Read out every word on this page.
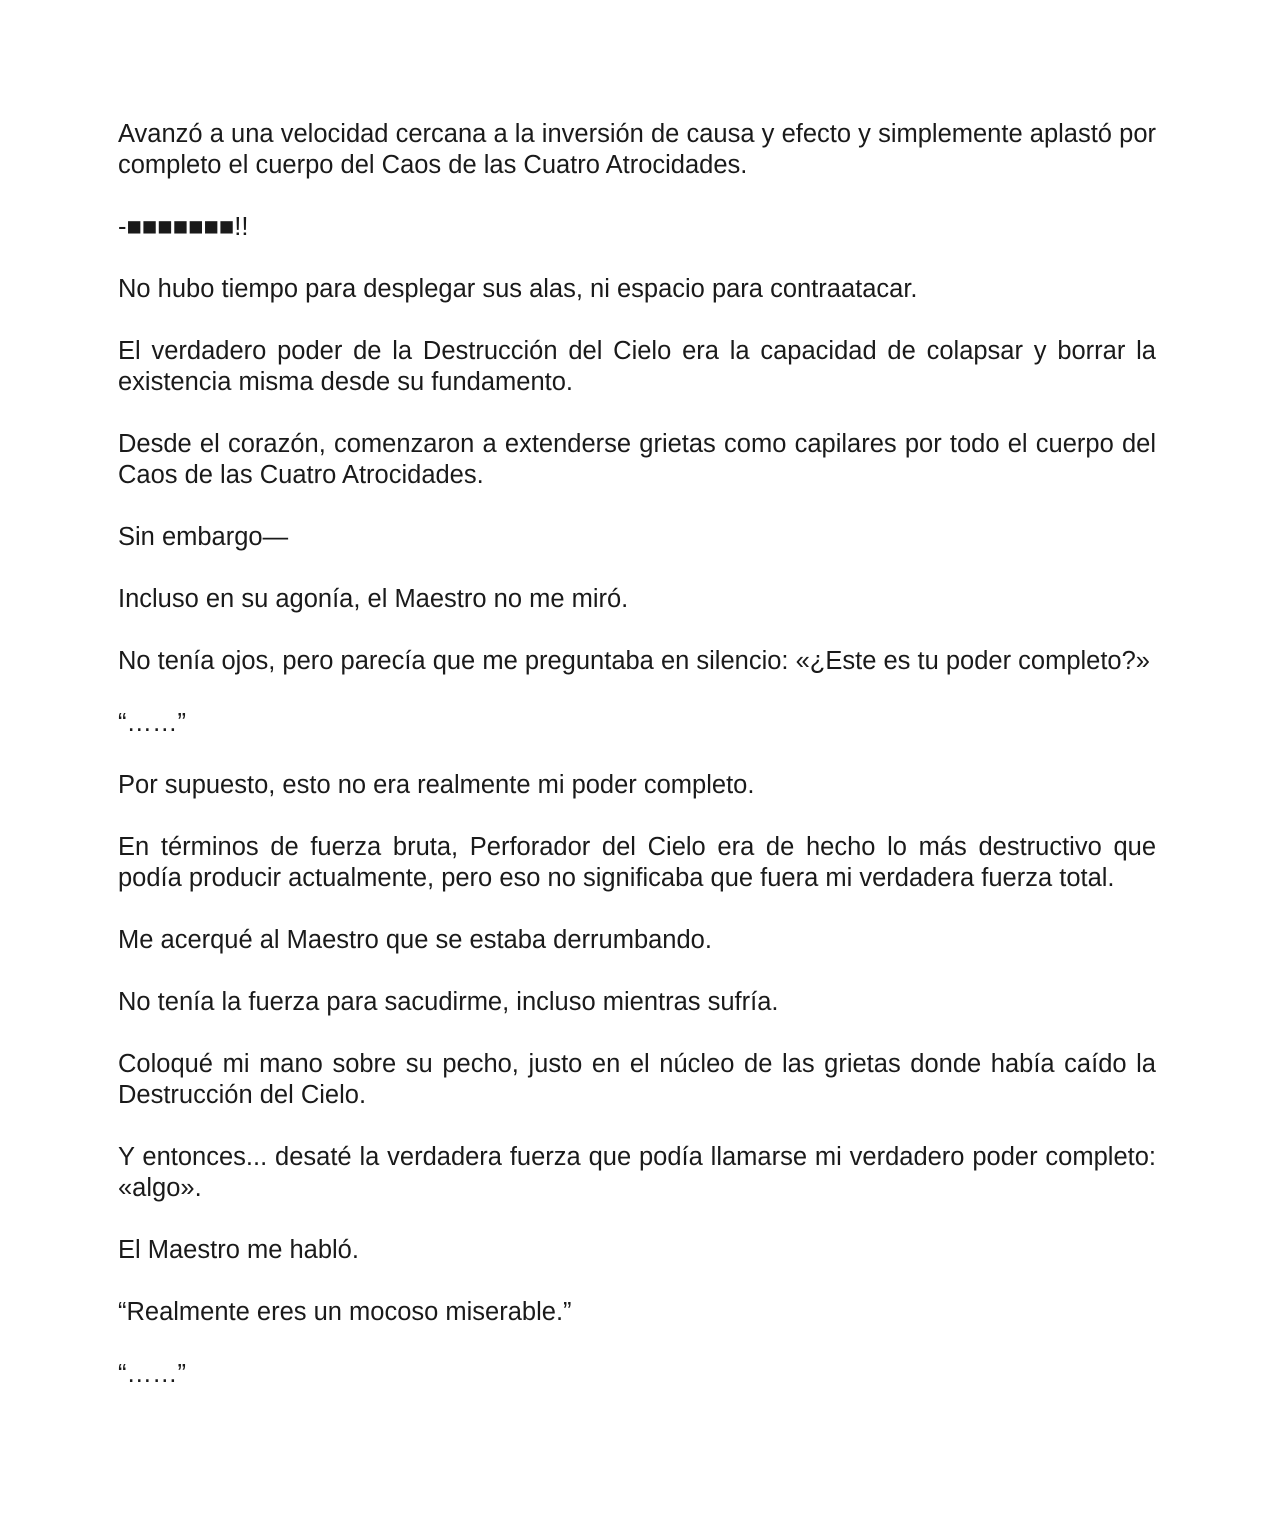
Avanzó a una velocidad cercana a la inversión de causa y efecto y simplemente aplastó por completo el cuerpo del Caos de las Cuatro Atrocidades.

-■■■■■■■!!

No hubo tiempo para desplegar sus alas, ni espacio para contraatacar.

El verdadero poder de la Destrucción del Cielo era la capacidad de colapsar y borrar la existencia misma desde su fundamento.

Desde el corazón, comenzaron a extenderse grietas como capilares por todo el cuerpo del Caos de las Cuatro Atrocidades.

Sin embargo—

Incluso en su agonía, el Maestro no me miró.

No tenía ojos, pero parecía que me preguntaba en silencio: «¿Este es tu poder completo?»

“……”

Por supuesto, esto no era realmente mi poder completo.

En términos de fuerza bruta, Perforador del Cielo era de hecho lo más destructivo que podía producir actualmente, pero eso no significaba que fuera mi verdadera fuerza total.

Me acerqué al Maestro que se estaba derrumbando.

No tenía la fuerza para sacudirme, incluso mientras sufría.

Coloqué mi mano sobre su pecho, justo en el núcleo de las grietas donde había caído la Destrucción del Cielo.

Y entonces... desaté la verdadera fuerza que podía llamarse mi verdadero poder completo: «algo».

El Maestro me habló.

“Realmente eres un mocoso miserable.”

“……”
